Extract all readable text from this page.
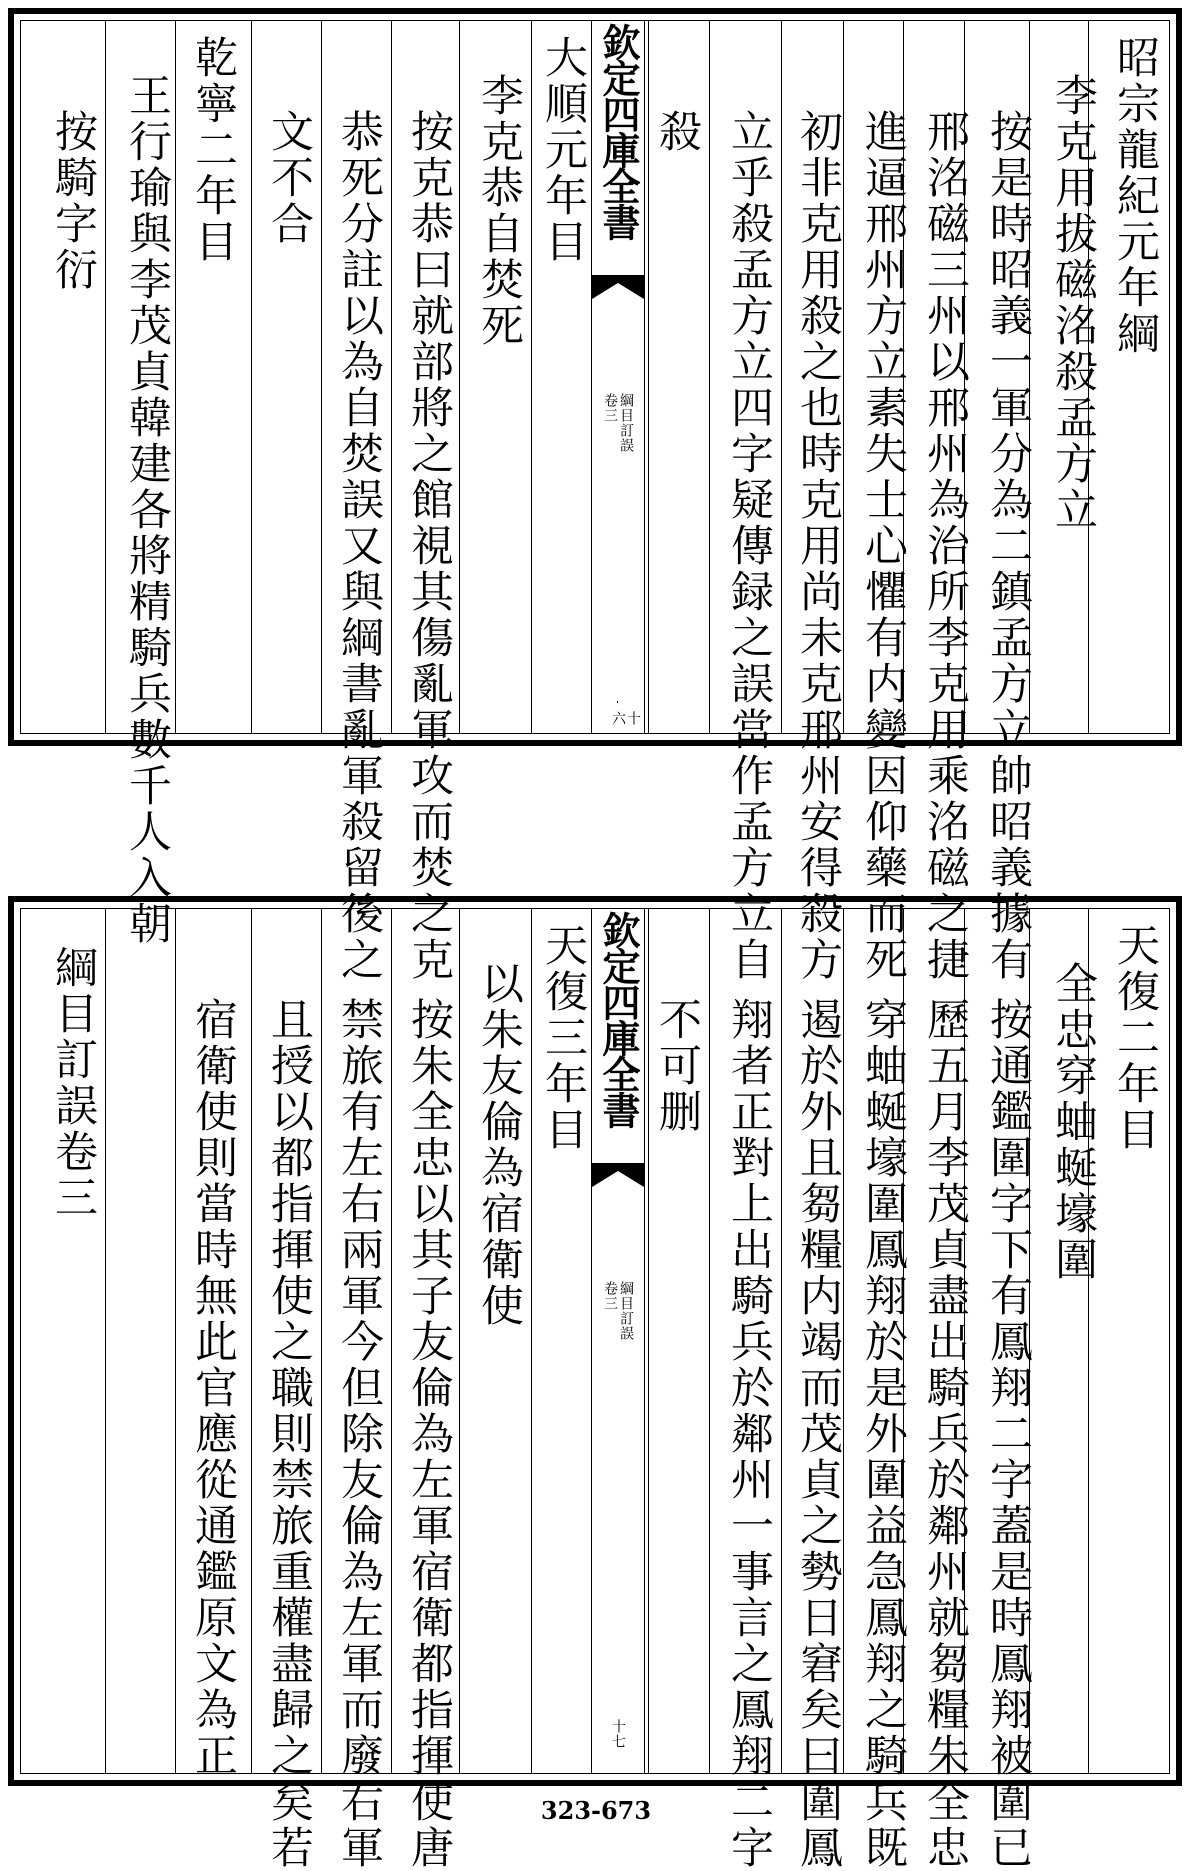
昭宗龍紀元年綱
李克用拔磁洺殺孟方立
按是時昭義一軍分為二鎮孟方立帥昭義據有
邢洺磁三州以邢州為治所李克用乘洺磁之捷
進逼邢州方立素失士心懼有内變因仰藥而死
初非克用殺之也時克用尚未克邢州安得殺方
立乎殺孟方立四字疑傳録之誤當作孟方立自
殺
大順元年目
李克恭自焚死
按克恭曰就部將之館視其傷亂軍攻而焚之克
恭死分註以為自焚誤又與綱書亂軍殺留後之
文不合
乾寧二年目
王行瑜與李茂貞韓建各將精騎兵數千人入朝
按騎字衍	欽定四庫全書
綱目訂誤
卷三
十六
天復二年目
全忠穿蚰蜒壕圍
按通鑑圍字下有鳳翔二字蓋是時鳳翔被圍已
歷五月李茂貞盡出騎兵於鄰州就芻糧朱全忠
穿蚰蜒壕圍鳳翔於是外圍益急鳳翔之騎兵既
遏於外且芻糧内竭而茂貞之勢日窘矣曰圍鳳
翔者正對上出騎兵於鄰州一事言之鳳翔二字
不可删
天復三年目
以朱友倫為宿衛使
按朱全忠以其子友倫為左軍宿衛都指揮使唐
禁旅有左右兩軍今但除友倫為左軍而廢右軍
且授以都指揮使之職則禁旅重權盡歸之矣若
宿衛使則當時無此官應從通鑑原文為正
綱目訂誤卷三	欽定四庫全書
綱目訂誤
卷三
十七
323-673
